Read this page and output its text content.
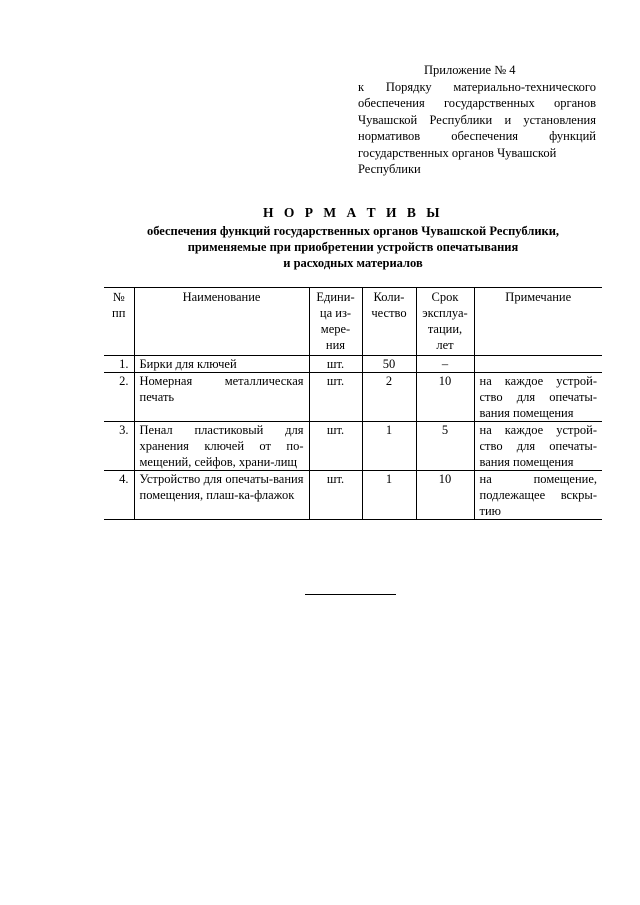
Приложение № 4
к Порядку материально-технического обеспечения государственных органов Чувашской Республики и установления нормативов обеспечения функций государственных органов Чувашской
Республики
Н О Р М А Т И В Ы
обеспечения функций государственных органов Чувашской Республики,
применяемые при приобретении устройств опечатывания
и расходных материалов
№ пп	Наименование	Едини- ца из- мере- ния	Коли- чество	Срок эксплуа- тации, лет	Примечание
1.	Бирки для ключей	шт.	50	–	
2.	Номерная металлическая печать	шт.	2	10	на каждое устрой-ство для опечаты-вания помещения
3.	Пенал пластиковый для хранения ключей от по-мещений, сейфов, храни-лищ	шт.	1	5	на каждое устрой-ство для опечаты-вания помещения
4.	Устройство для опечаты-вания помещения, плаш-ка-флажок	шт.	1	10	на помещение, подлежащее вскры-тию
